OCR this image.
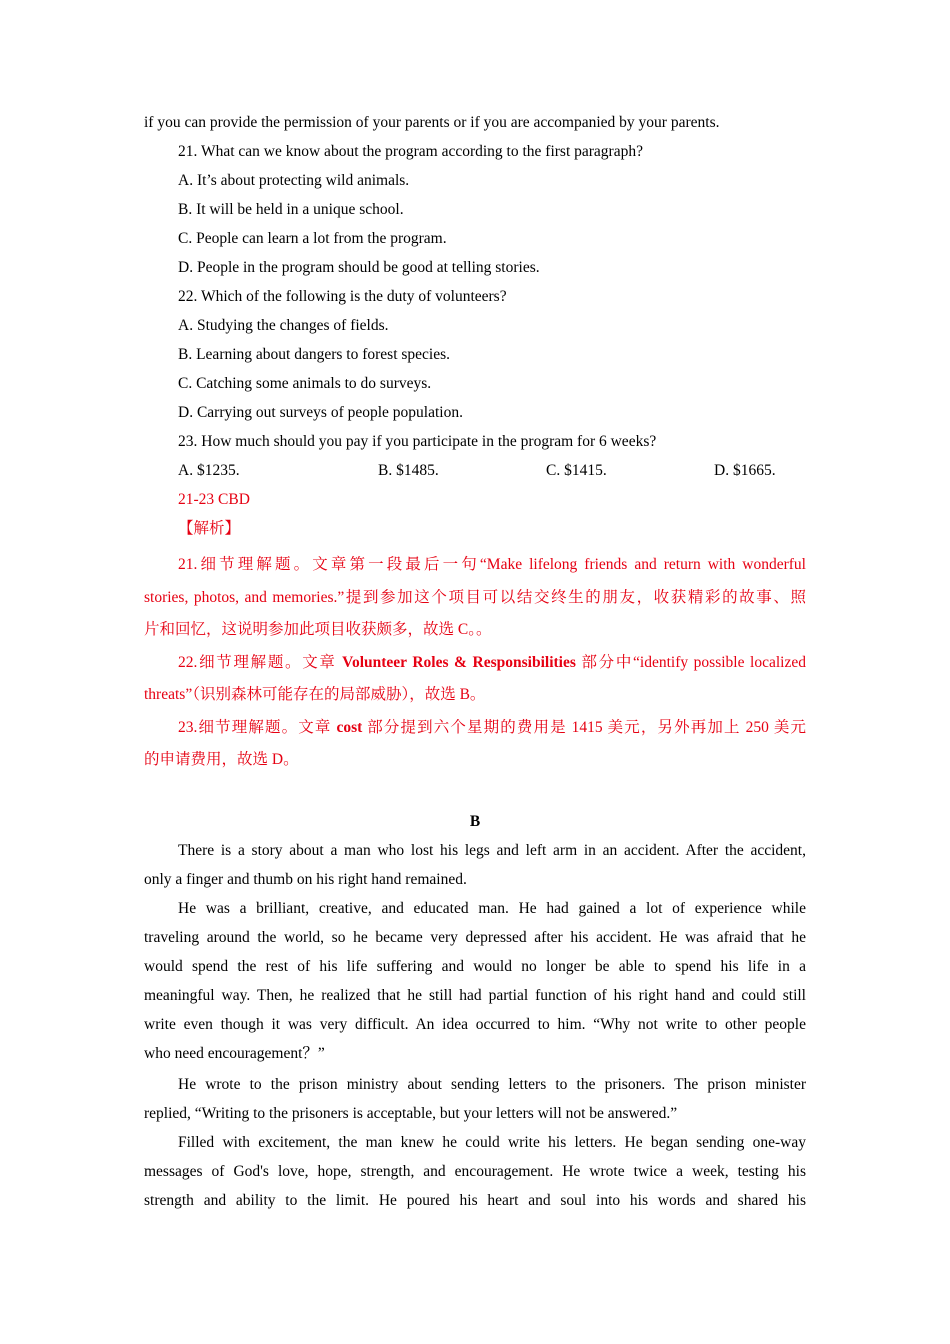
if you can provide the permission of your parents or if you are accompanied by your parents.
21. What can we know about the program according to the first paragraph?
A. It’s about protecting wild animals.
B. It will be held in a unique school.
C. People can learn a lot from the program.
D. People in the program should be good at telling stories.
22. Which of the following is the duty of volunteers?
A. Studying the changes of fields.
B. Learning about dangers to forest species.
C. Catching some animals to do surveys.
D. Carrying out surveys of people population.
23. How much should you pay if you participate in the program for 6 weeks?
A. $1235.	B. $1485.	C. $1415.	D. $1665.
21-23 CBD
【解析】
21.细节理解题。文章第一段最后一句“Make lifelong friends and return with wonderful
stories, photos, and memories.”提到参加这个项目可以结交终生的朋友，收获精彩的故事、照
片和回忆，这说明参加此项目收获颇多，故选 C。。
22.细节理解题。文章 Volunteer Roles & Responsibilities 部分中“identify possible localized
threats”（识别森林可能存在的局部威胁），故选 B。
23.细节理解题。文章 cost 部分提到六个星期的费用是 1415 美元，另外再加上 250 美元
的申请费用，故选 D。
B
There is a story about a man who lost his legs and left arm in an accident. After the accident,
only a finger and thumb on his right hand remained.
He was a brilliant, creative, and educated man. He had gained a lot of experience while
traveling around the world, so he became very depressed after his accident. He was afraid that he
would spend the rest of his life suffering and would no longer be able to spend his life in a
meaningful way. Then, he realized that he still had partial function of his right hand and could still
write even though it was very difficult. An idea occurred to him. “Why not write to other people
who need encouragement？”
He wrote to the prison ministry about sending letters to the prisoners. The prison minister
replied, “Writing to the prisoners is acceptable, but your letters will not be answered.”
Filled with excitement, the man knew he could write his letters. He began sending one-way
messages of God's love, hope, strength, and encouragement. He wrote twice a week, testing his
strength and ability to the limit. He poured his heart and soul into his words and shared his
